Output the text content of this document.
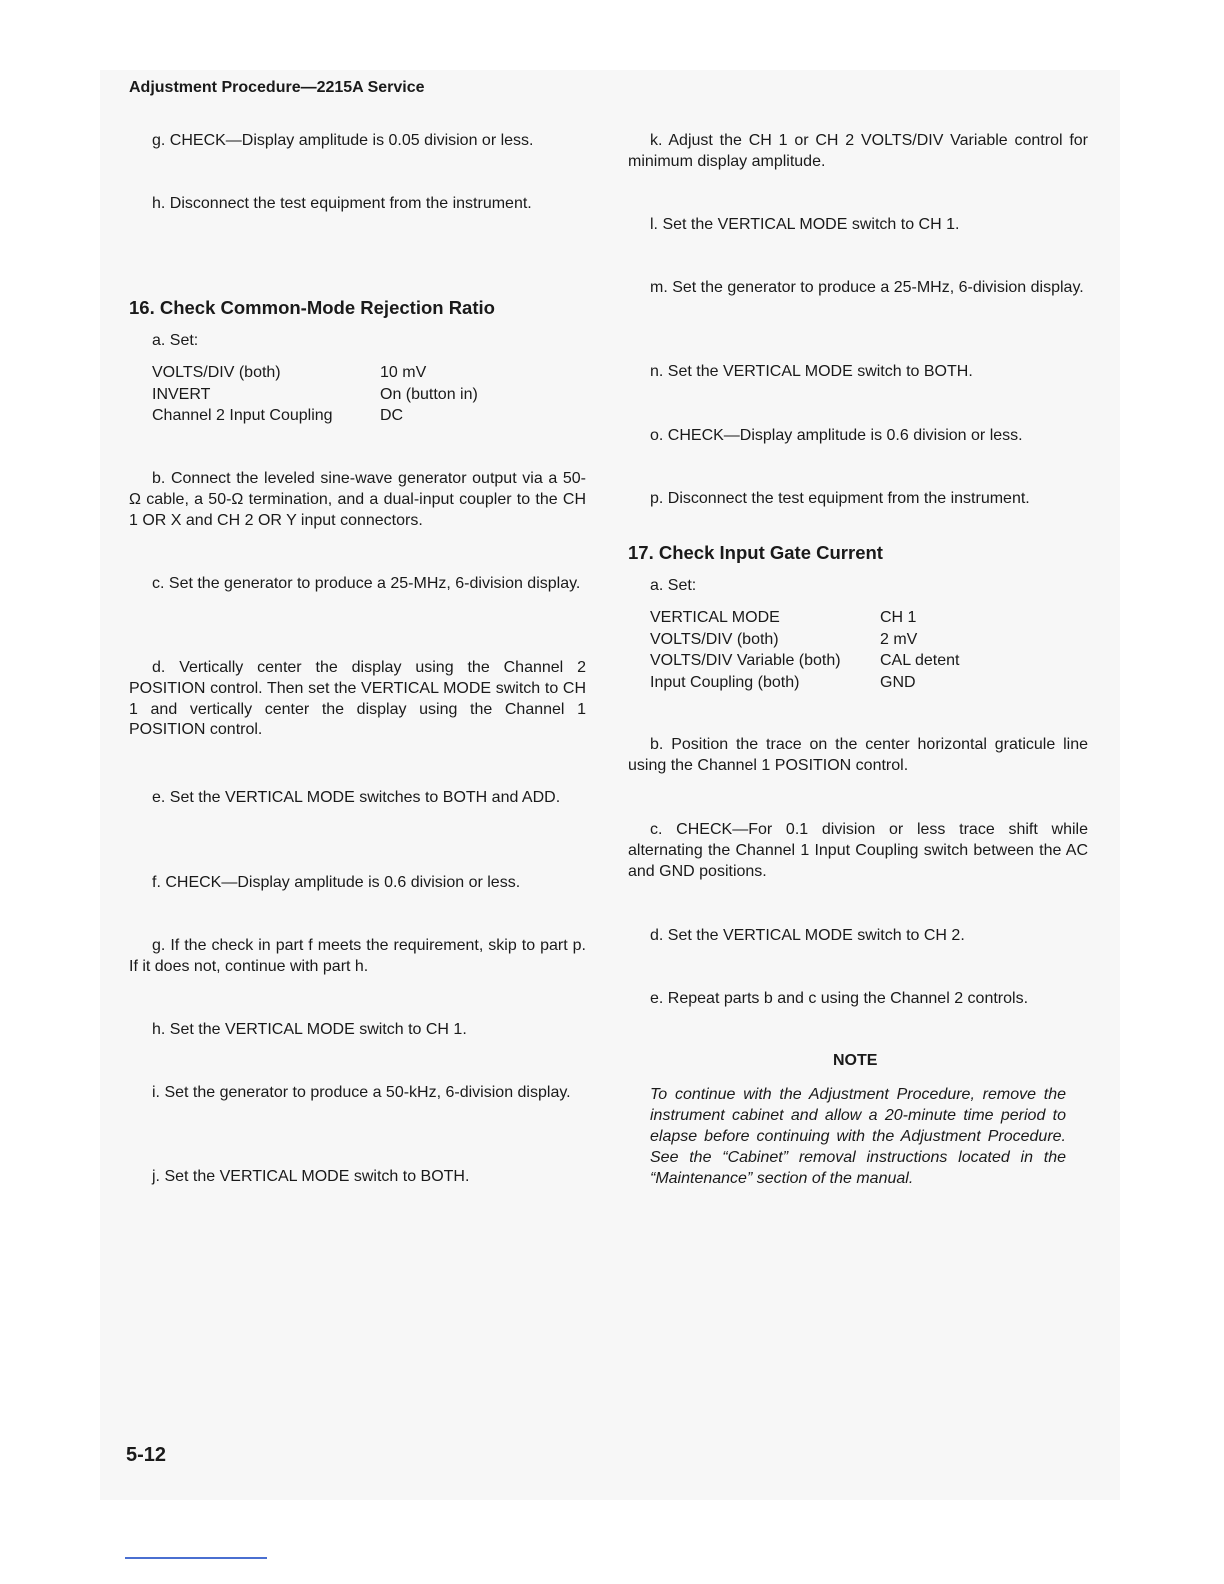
Adjustment Procedure—2215A Service

g. CHECK—Display amplitude is 0.05 division or less.

h. Disconnect the test equipment from the instrument.

16. Check Common-Mode Rejection Ratio

a. Set:

VOLTS/DIV (both)	10 mV
INVERT	On (button in)
Channel 2 Input Coupling	DC

b. Connect the leveled sine-wave generator output via a 50-Ω cable, a 50-Ω termination, and a dual-input coupler to the CH 1 OR X and CH 2 OR Y input connectors.

c. Set the generator to produce a 25-MHz, 6-division display.

d. Vertically center the display using the Channel 2 POSITION control. Then set the VERTICAL MODE switch to CH 1 and vertically center the display using the Channel 1 POSITION control.

e. Set the VERTICAL MODE switches to BOTH and ADD.

f. CHECK—Display amplitude is 0.6 division or less.

g. If the check in part f meets the requirement, skip to part p. If it does not, continue with part h.

h. Set the VERTICAL MODE switch to CH 1.

i. Set the generator to produce a 50-kHz, 6-division display.

j. Set the VERTICAL MODE switch to BOTH.

k. Adjust the CH 1 or CH 2 VOLTS/DIV Variable control for minimum display amplitude.

l. Set the VERTICAL MODE switch to CH 1.

m. Set the generator to produce a 25-MHz, 6-division display.

n. Set the VERTICAL MODE switch to BOTH.

o. CHECK—Display amplitude is 0.6 division or less.

p. Disconnect the test equipment from the instrument.

17. Check Input Gate Current

a. Set:

VERTICAL MODE	CH 1
VOLTS/DIV (both)	2 mV
VOLTS/DIV Variable (both)	CAL detent
Input Coupling (both)	GND

b. Position the trace on the center horizontal graticule line using the Channel 1 POSITION control.

c. CHECK—For 0.1 division or less trace shift while alternating the Channel 1 Input Coupling switch between the AC and GND positions.

d. Set the VERTICAL MODE switch to CH 2.

e. Repeat parts b and c using the Channel 2 controls.

NOTE

To continue with the Adjustment Procedure, remove the instrument cabinet and allow a 20-minute time period to elapse before continuing with the Adjustment Procedure. See the “Cabinet” removal instructions located in the “Maintenance” section of the manual.

5-12
